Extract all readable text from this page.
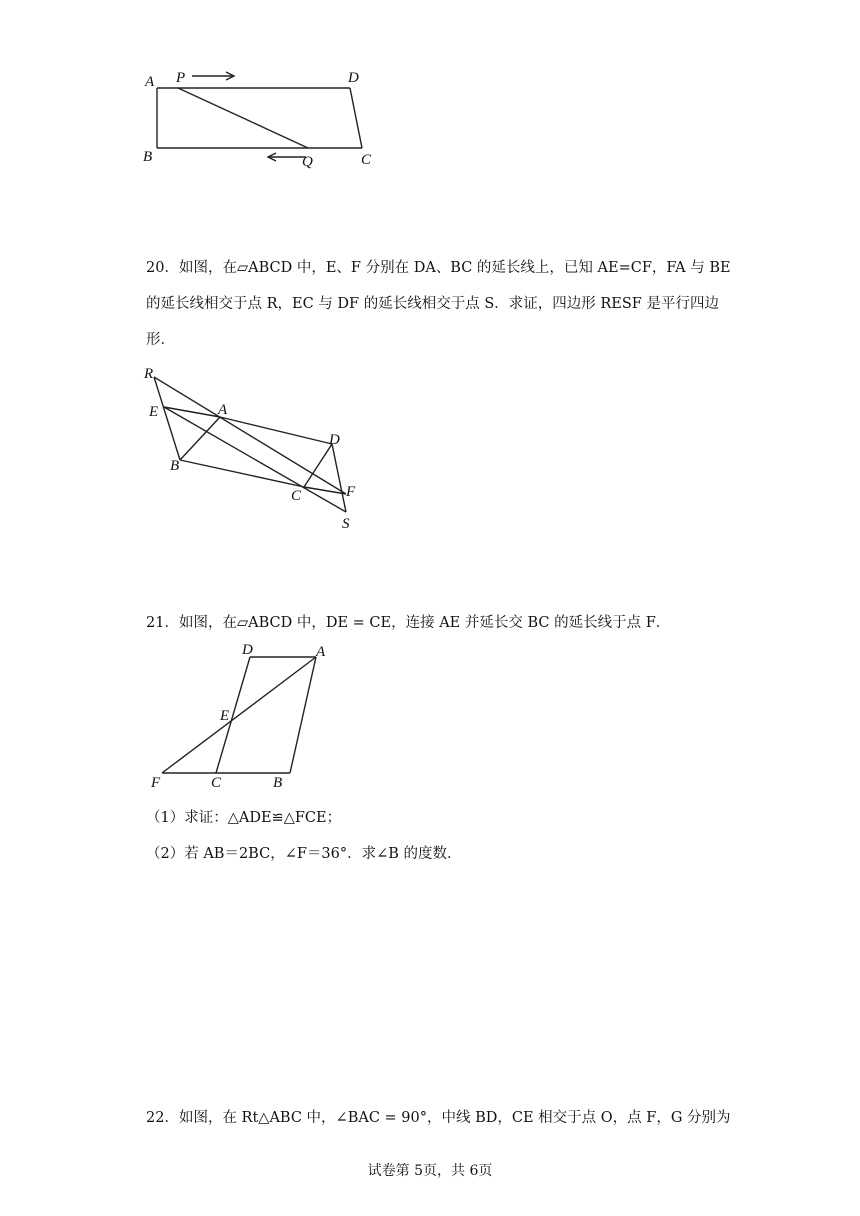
A P	D
B	Q	C
20．如图，在▱ABCD 中，E、F 分别在 DA、BC 的延长线上，已知 AE=CF，FA 与 BE
的延长线相交于点 R，EC 与 DF 的延长线相交于点 S．求证，四边形 RESF 是平行四边
形．
R
E	A
B
D
C	F
S
21．如图，在▱ABCD 中，DE = CE，连接 AE 并延长交 BC 的延长线于点 F．
D	A
E
F	C	B
（1）求证：△ADE≌△FCE；
（2）若 AB＝2BC，∠F＝36°．求∠B 的度数．
22．如图，在 Rt△ABC 中，∠BAC = 90°，中线 BD，CE 相交于点 O，点 F，G 分别为
试卷第 5页，共 6页
